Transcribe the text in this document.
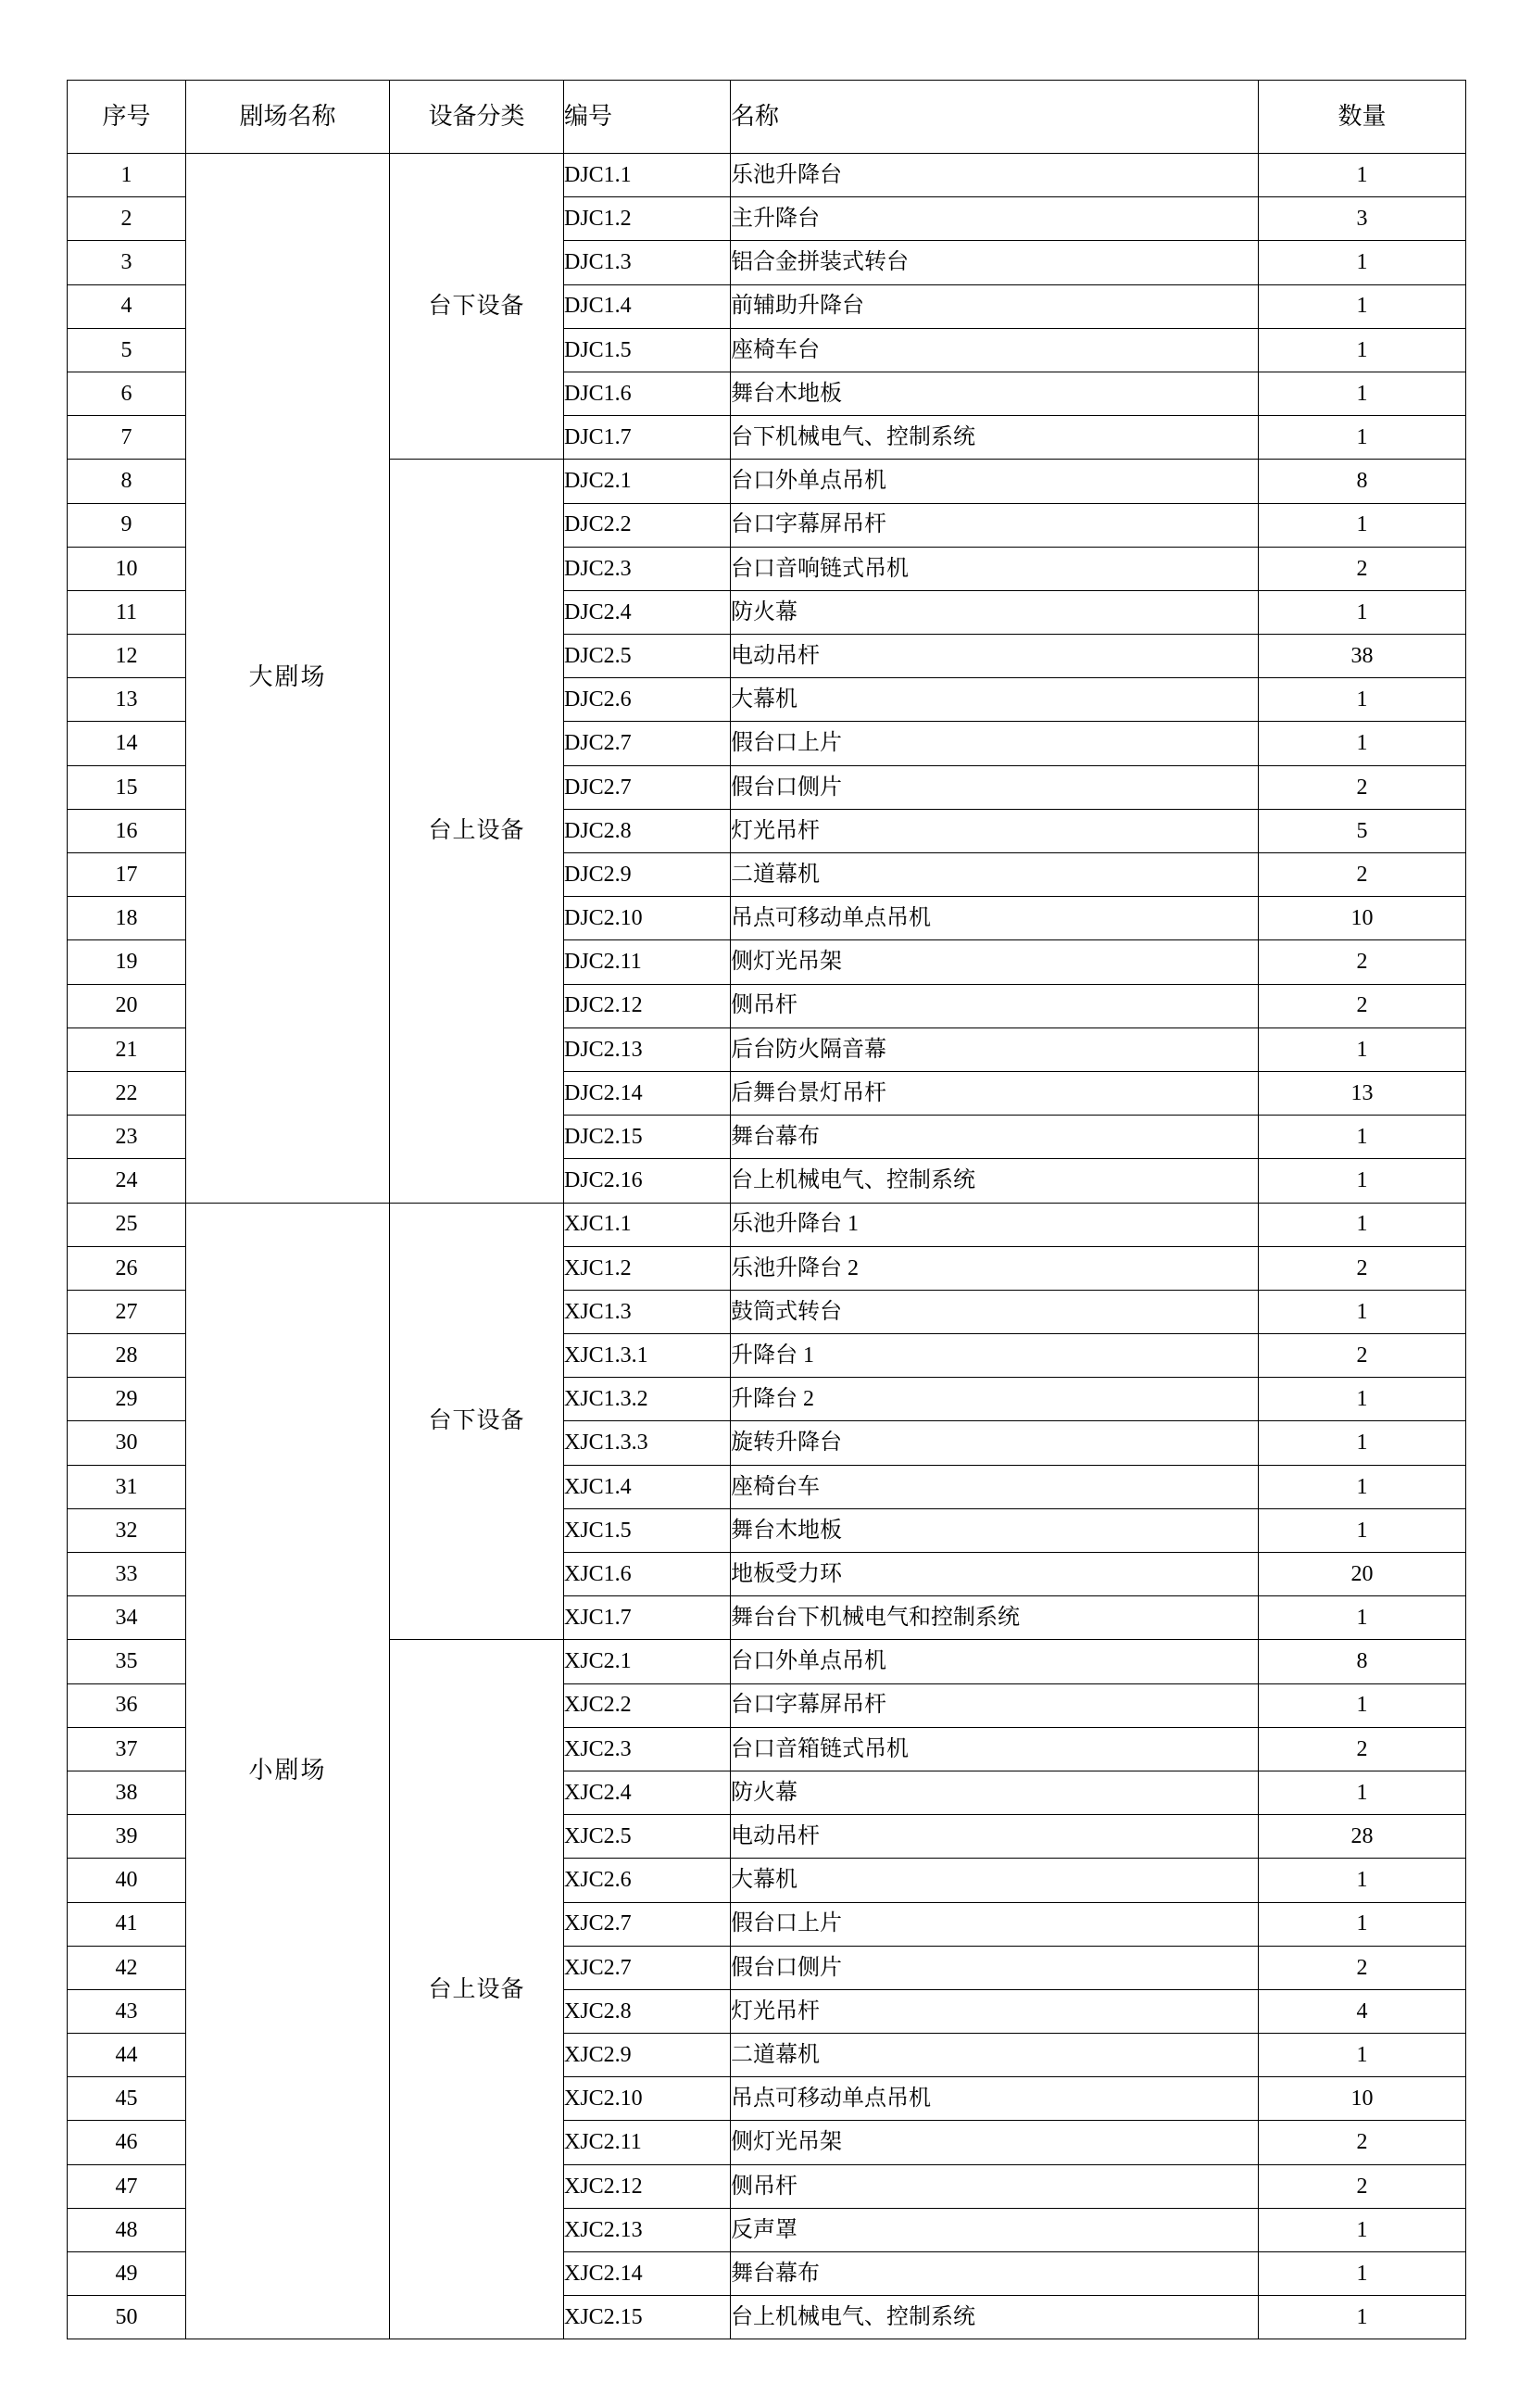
序号	剧场名称	设备分类	编号	名称	数量
1	大剧场	台下设备	DJC1.1	乐池升降台	1
2			DJC1.2	主升降台	3
3			DJC1.3	铝合金拼装式转台	1
4			DJC1.4	前辅助升降台	1
5			DJC1.5	座椅车台	1
6			DJC1.6	舞台木地板	1
7			DJC1.7	台下机械电气、控制系统	1
8		台上设备	DJC2.1	台口外单点吊机	8
9			DJC2.2	台口字幕屏吊杆	1
10			DJC2.3	台口音响链式吊机	2
11			DJC2.4	防火幕	1
12			DJC2.5	电动吊杆	38
13			DJC2.6	大幕机	1
14			DJC2.7	假台口上片	1
15			DJC2.7	假台口侧片	2
16			DJC2.8	灯光吊杆	5
17			DJC2.9	二道幕机	2
18			DJC2.10	吊点可移动单点吊机	10
19			DJC2.11	侧灯光吊架	2
20			DJC2.12	侧吊杆	2
21			DJC2.13	后台防火隔音幕	1
22			DJC2.14	后舞台景灯吊杆	13
23			DJC2.15	舞台幕布	1
24			DJC2.16	台上机械电气、控制系统	1
25	小剧场	台下设备	XJC1.1	乐池升降台 1	1
26			XJC1.2	乐池升降台 2	2
27			XJC1.3	鼓筒式转台	1
28			XJC1.3.1	升降台 1	2
29			XJC1.3.2	升降台 2	1
30			XJC1.3.3	旋转升降台	1
31			XJC1.4	座椅台车	1
32			XJC1.5	舞台木地板	1
33			XJC1.6	地板受力环	20
34			XJC1.7	舞台台下机械电气和控制系统	1
35		台上设备	XJC2.1	台口外单点吊机	8
36			XJC2.2	台口字幕屏吊杆	1
37			XJC2.3	台口音箱链式吊机	2
38			XJC2.4	防火幕	1
39			XJC2.5	电动吊杆	28
40			XJC2.6	大幕机	1
41			XJC2.7	假台口上片	1
42			XJC2.7	假台口侧片	2
43			XJC2.8	灯光吊杆	4
44			XJC2.9	二道幕机	1
45			XJC2.10	吊点可移动单点吊机	10
46			XJC2.11	侧灯光吊架	2
47			XJC2.12	侧吊杆	2
48			XJC2.13	反声罩	1
49			XJC2.14	舞台幕布	1
50			XJC2.15	台上机械电气、控制系统	1
